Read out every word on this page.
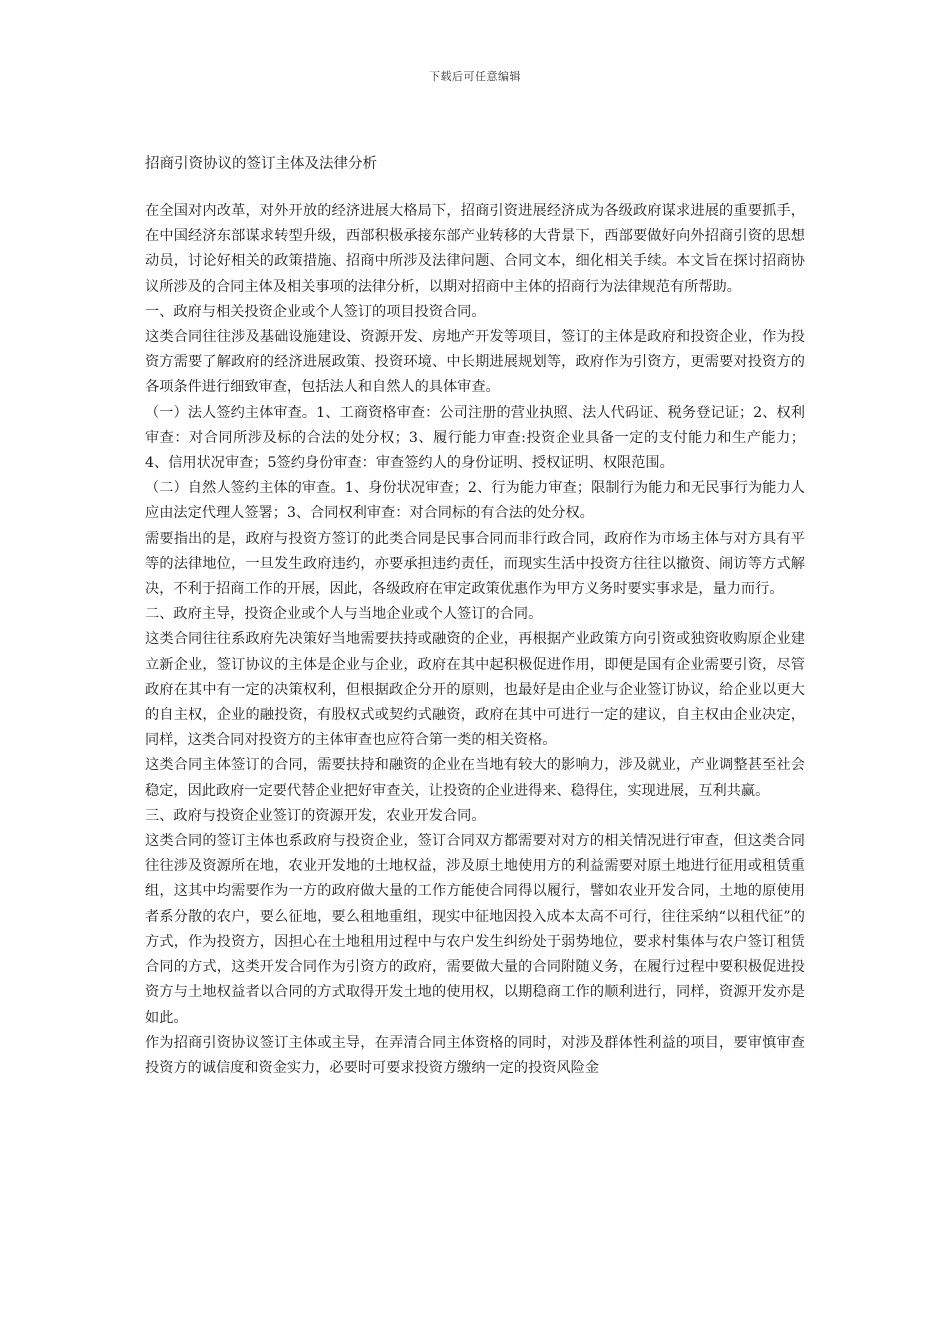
下载后可任意编辑
招商引资协议的签订主体及法律分析

在全国对内改革，对外开放的经济进展大格局下，招商引资进展经济成为各级政府谋求进展的重要抓手，在中国经济东部谋求转型升级，西部积极承接东部产业转移的大背景下，西部要做好向外招商引资的思想动员，讨论好相关的政策措施、招商中所涉及法律问题、合同文本，细化相关手续。本文旨在探讨招商协议所涉及的合同主体及相关事项的法律分析，以期对招商中主体的招商行为法律规范有所帮助。

一、政府与相关投资企业或个人签订的项目投资合同。

这类合同往往涉及基础设施建设、资源开发、房地产开发等项目，签订的主体是政府和投资企业，作为投资方需要了解政府的经济进展政策、投资环境、中长期进展规划等，政府作为引资方，更需要对投资方的各项条件进行细致审查，包括法人和自然人的具体审查。

（一）法人签约主体审查。1、工商资格审查：公司注册的营业执照、法人代码证、税务登记证；2、权利审查：对合同所涉及标的合法的处分权；3、履行能力审查:投资企业具备一定的支付能力和生产能力；4、信用状况审查；5签约身份审查：审查签约人的身份证明、授权证明、权限范围。

（二）自然人签约主体的审查。1、身份状况审查；2、行为能力审查；限制行为能力和无民事行为能力人应由法定代理人签署；3、合同权利审查：对合同标的有合法的处分权。

需要指出的是，政府与投资方签订的此类合同是民事合同而非行政合同，政府作为市场主体与对方具有平等的法律地位，一旦发生政府违约，亦要承担违约责任，而现实生活中投资方往往以撤资、闹访等方式解决，不利于招商工作的开展，因此，各级政府在审定政策优惠作为甲方义务时要实事求是，量力而行。

二、政府主导，投资企业或个人与当地企业或个人签订的合同。

这类合同往往系政府先决策好当地需要扶持或融资的企业，再根据产业政策方向引资或独资收购原企业建立新企业，签订协议的主体是企业与企业，政府在其中起积极促进作用，即便是国有企业需要引资，尽管政府在其中有一定的决策权利，但根据政企分开的原则，也最好是由企业与企业签订协议，给企业以更大的自主权，企业的融投资，有股权式或契约式融资，政府在其中可进行一定的建议，自主权由企业决定，同样，这类合同对投资方的主体审查也应符合第一类的相关资格。

这类合同主体签订的合同，需要扶持和融资的企业在当地有较大的影响力，涉及就业，产业调整甚至社会稳定，因此政府一定要代替企业把好审查关，让投资的企业进得来、稳得住，实现进展，互利共赢。

三、政府与投资企业签订的资源开发，农业开发合同。

这类合同的签订主体也系政府与投资企业，签订合同双方都需要对对方的相关情况进行审查，但这类合同往往涉及资源所在地，农业开发地的土地权益，涉及原土地使用方的利益需要对原土地进行征用或租赁重组，这其中均需要作为一方的政府做大量的工作方能使合同得以履行，譬如农业开发合同，土地的原使用者系分散的农户，要么征地，要么租地重组，现实中征地因投入成本太高不可行，往往采纳“以租代征”的方式，作为投资方，因担心在土地租用过程中与农户发生纠纷处于弱势地位，要求村集体与农户签订租赁合同的方式，这类开发合同作为引资方的政府，需要做大量的合同附随义务，在履行过程中要积极促进投资方与土地权益者以合同的方式取得开发土地的使用权，以期稳商工作的顺利进行，同样，资源开发亦是如此。

作为招商引资协议签订主体或主导，在弄清合同主体资格的同时，对涉及群体性利益的项目，要审慎审查投资方的诚信度和资金实力，必要时可要求投资方缴纳一定的投资风险金
